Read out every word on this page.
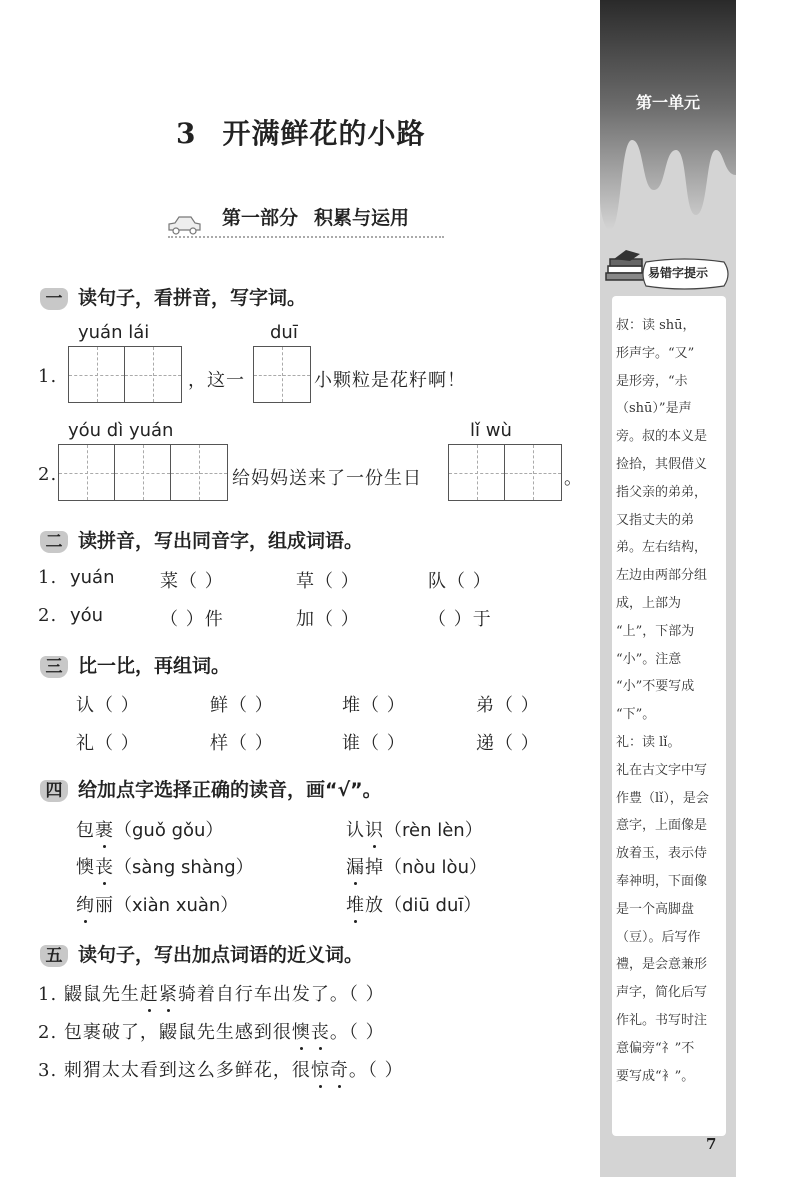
第一单元
易错字提示

叔：读 shū，

形声字。“又”

是形旁，“尗

（shū）”是声

旁。叔的本义是

捡拾，其假借义

指父亲的弟弟，

又指丈夫的弟

弟。左右结构，

左边由两部分组

成，上部为

“上”，下部为

“小”。注意

“小”不要写成

“下”。

礼：读 lǐ。

礼在古文字中写

作豊（lǐ），是会

意字，上面像是

放着玉，表示侍

奉神明，下面像

是一个高脚盘

（豆）。后写作

禮，是会意兼形

声字，简化后写

作礼。书写时注

意偏旁“礻”不

要写成“衤”。

7
3 开满鲜花的小路
第一部分 积累与运用
一 读句子，看拼音，写字词。
yuán lái	duī
1.	，这一	小颗粒是花籽啊！
yóu dì yuán	lǐ wù
2.	给妈妈送来了一份生日	。
二 读拼音，写出同音字，组成词语。
1. yuán	菜（ ）	草（ ）	队（ ）
2. yóu	（ ）件	加（ ）	（ ）于
三 比一比，再组词。
认（ ）	鲜（ ）	堆（ ）	弟（ ）
礼（ ）	样（ ）	谁（ ）	递（ ）
四 给加点字选择正确的读音，画“√”。
包裹（guǒ gǒu）	认识（rèn lèn）
懊丧（sàng shàng）	漏掉（nòu lòu）
绚丽（xiàn xuàn）	堆放（diū duī）
五 读句子，写出加点词语的近义词。
1. 鼹鼠先生赶紧骑着自行车出发了。（ ）
2. 包裹破了，鼹鼠先生感到很懊丧。（ ）
3. 刺猬太太看到这么多鲜花，很惊奇。（ ）
